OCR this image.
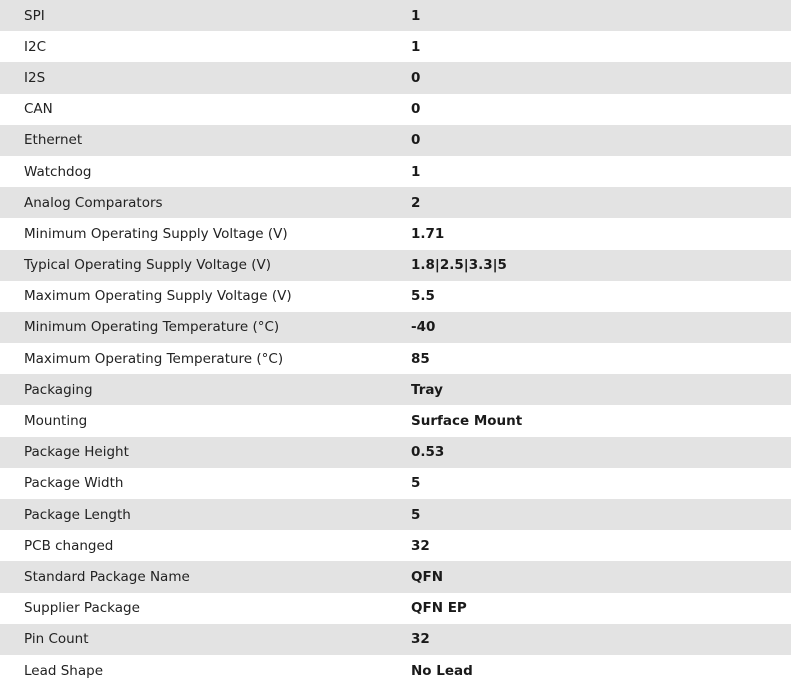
SPI	1
I2C	1
I2S	0
CAN	0
Ethernet	0
Watchdog	1
Analog Comparators	2
Minimum Operating Supply Voltage (V)	1.71
Typical Operating Supply Voltage (V)	1.8|2.5|3.3|5
Maximum Operating Supply Voltage (V)	5.5
Minimum Operating Temperature (°C)	-40
Maximum Operating Temperature (°C)	85
Packaging	Tray
Mounting	Surface Mount
Package Height	0.53
Package Width	5
Package Length	5
PCB changed	32
Standard Package Name	QFN
Supplier Package	QFN EP
Pin Count	32
Lead Shape	No Lead
